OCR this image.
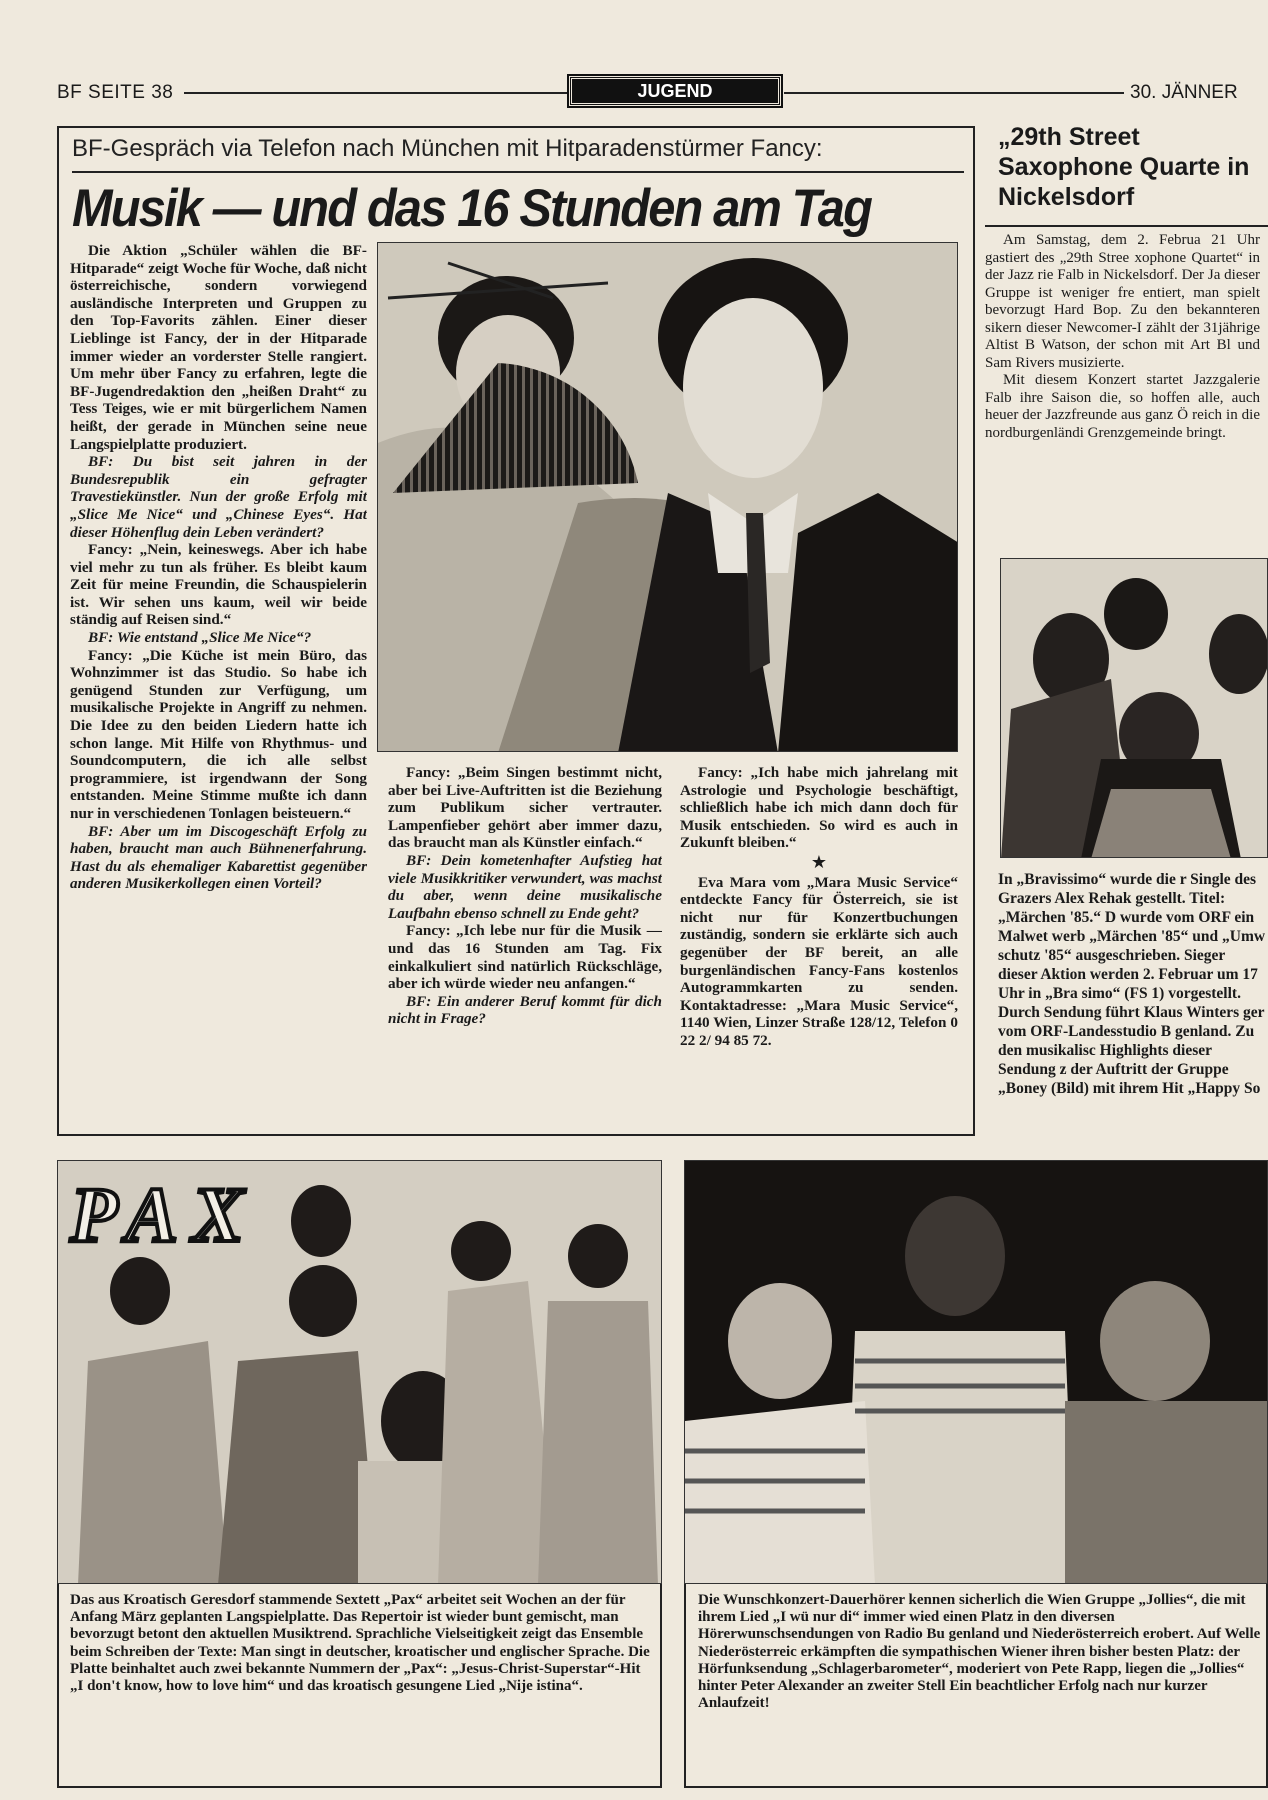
BF SEITE 38	JUGEND	30. JÄNNER
BF-Gespräch via Telefon nach München mit Hitparadenstürmer Fancy:
Musik — und das 16 Stunden am Tag

Die Aktion „Schüler wählen die BF-Hitparade“ zeigt Woche für Woche, daß nicht österreichische, sondern vorwiegend ausländische Interpreten und Gruppen zu den Top-Favorits zählen. Einer dieser Lieblinge ist Fancy, der in der Hitparade immer wieder an vorderster Stelle rangiert. Um mehr über Fancy zu erfahren, legte die BF-Jugendredaktion den „heißen Draht“ zu Tess Teiges, wie er mit bürgerlichem Namen heißt, der gerade in München seine neue Langspielplatte produziert.

BF: Du bist seit jahren in der Bundesrepublik ein gefragter Travestiekünstler. Nun der große Erfolg mit „Slice Me Nice“ und „Chinese Eyes“. Hat dieser Höhenflug dein Leben verändert?

Fancy: „Nein, keineswegs. Aber ich habe viel mehr zu tun als früher. Es bleibt kaum Zeit für meine Freundin, die Schauspielerin ist. Wir sehen uns kaum, weil wir beide ständig auf Reisen sind.“

BF: Wie entstand „Slice Me Nice“?

Fancy: „Die Küche ist mein Büro, das Wohnzimmer ist das Studio. So habe ich genügend Stunden zur Verfügung, um musikalische Projekte in Angriff zu nehmen. Die Idee zu den beiden Liedern hatte ich schon lange. Mit Hilfe von Rhythmus- und Soundcomputern, die ich alle selbst programmiere, ist irgendwann der Song entstanden. Meine Stimme mußte ich dann nur in verschiedenen Tonlagen beisteuern.“

BF: Aber um im Discogeschäft Erfolg zu haben, braucht man auch Bühnenerfahrung. Hast du als ehemaliger Kabarettist gegenüber anderen Musikerkollegen einen Vorteil?

Fancy: „Beim Singen bestimmt nicht, aber bei Live-Auftritten ist die Beziehung zum Publikum sicher vertrauter. Lampenfieber gehört aber immer dazu, das braucht man als Künstler einfach.“

BF: Dein kometenhafter Aufstieg hat viele Musikkritiker verwundert, was machst du aber, wenn deine musikalische Laufbahn ebenso schnell zu Ende geht?

Fancy: „Ich lebe nur für die Musik — und das 16 Stunden am Tag. Fix einkalkuliert sind natürlich Rückschläge, aber ich würde wieder neu anfangen.“

BF: Ein anderer Beruf kommt für dich nicht in Frage?

Fancy: „Ich habe mich jahrelang mit Astrologie und Psychologie beschäftigt, schließlich habe ich mich dann doch für Musik entschieden. So wird es auch in Zukunft bleiben.“

★

Eva Mara vom „Mara Music Service“ entdeckte Fancy für Österreich, sie ist nicht nur für Konzertbuchungen zuständig, sondern sie erklärte sich auch gegenüber der BF bereit, an alle burgenländischen Fancy-Fans kostenlos Autogrammkarten zu senden. Kontaktadresse: „Mara Music Service“, 1140 Wien, Linzer Straße 128/12, Telefon 0 22 2/ 94 85 72.

„29th Street Saxophone Quarte in Nickelsdorf

Am Samstag, dem 2. Februa 21 Uhr gastiert des „29th Stree xophone Quartet“ in der Jazz rie Falb in Nickelsdorf. Der Ja dieser Gruppe ist weniger fre entiert, man spielt bevorzugt Hard Bop. Zu den bekannteren sikern dieser Newcomer-I zählt der 31jährige Altist B Watson, der schon mit Art Bl und Sam Rivers musizierte.

Mit diesem Konzert startet Jazzgalerie Falb ihre Saison die, so hoffen alle, auch heuer der Jazzfreunde aus ganz Ö reich in die nordburgenländi Grenzgemeinde bringt.

In „Bravissimo“ wurde die r Single des Grazers Alex Rehak gestellt. Titel: „Märchen '85.“ D wurde vom ORF ein Malwet werb „Märchen '85“ und „Umw schutz '85“ ausgeschrieben. Sieger dieser Aktion werden 2. Februar um 17 Uhr in „Bra simo“ (FS 1) vorgestellt. Durch Sendung führt Klaus Winters ger vom ORF-Landesstudio B genland. Zu den musikalisc Highlights dieser Sendung z der Auftritt der Gruppe „Boney (Bild) mit ihrem Hit „Happy So
PAX
Das aus Kroatisch Geresdorf stammende Sextett „Pax“ arbeitet seit Wochen an der für Anfang März geplanten Langspielplatte. Das Repertoir ist wieder bunt gemischt, man bevorzugt betont den aktuellen Musiktrend. Sprachliche Vielseitigkeit zeigt das Ensemble beim Schreiben der Texte: Man singt in deutscher, kroatischer und englischer Sprache. Die Platte beinhaltet auch zwei bekannte Nummern der „Pax“: „Jesus-Christ-Superstar“-Hit „I don't know, how to love him“ und das kroatisch gesungene Lied „Nije istina“.
Die Wunschkonzert-Dauerhörer kennen sicherlich die Wien Gruppe „Jollies“, die mit ihrem Lied „I wü nur di“ immer wied einen Platz in den diversen Hörerwunschsendungen von Radio Bu genland und Niederösterreich erobert. Auf Welle Niederösterreic erkämpften die sympathischen Wiener ihren bisher besten Platz: der Hörfunksendung „Schlagerbarometer“, moderiert von Pete Rapp, liegen die „Jollies“ hinter Peter Alexander an zweiter Stell Ein beachtlicher Erfolg nach nur kurzer Anlaufzeit!
